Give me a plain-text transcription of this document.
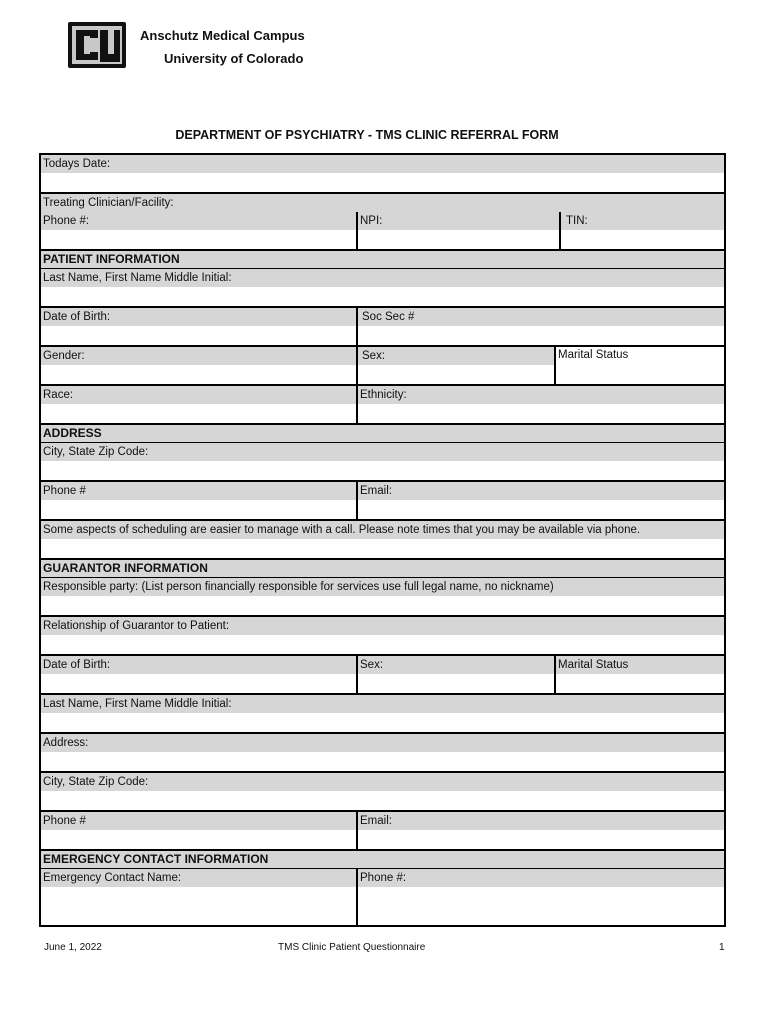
Anschutz Medical Campus
University of Colorado
DEPARTMENT OF PSYCHIATRY - TMS CLINIC REFERRAL FORM
Todays Date:
Treating Clinician/Facility:
Phone #:	NPI:	TIN:
PATIENT INFORMATION
Last Name, First Name Middle Initial:
Date of Birth:	Soc Sec #
Gender:	Sex:	Marital Status
Race:	Ethnicity:
ADDRESS
City, State Zip Code:
Phone #	Email:
Some aspects of scheduling are easier to manage with a call. Please note times that you may be available via phone.
GUARANTOR INFORMATION
Responsible party: (List person financially responsible for services use full legal name, no nickname)
Relationship of Guarantor to Patient:
Date of Birth:	Sex:	Marital Status
Last Name, First Name Middle Initial:
Address:
City, State Zip Code:
Phone #	Email:
EMERGENCY CONTACT INFORMATION
Emergency Contact Name:	Phone #:
June 1, 2022	TMS Clinic Patient Questionnaire	1
